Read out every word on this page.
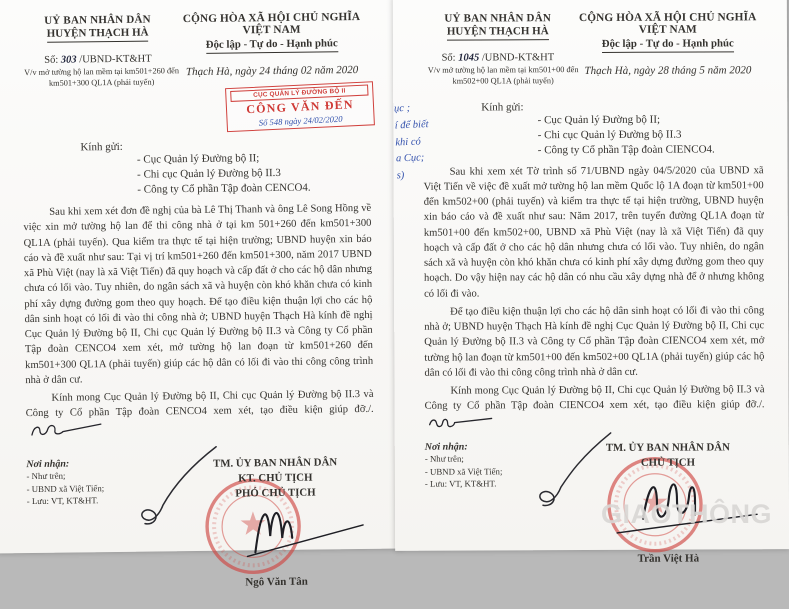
UỶ BAN NHÂN DÂN
HUYỆN THẠCH HÀ
Số: 303 /UBND-KT&HT
V/v mở tường hộ lan mềm tại km501+260 đến km501+300 QL1A (phải tuyến)
CỘNG HÒA XÃ HỘI CHỦ NGHĨA VIỆT NAM
Độc lập - Tự do - Hạnh phúc
Thạch Hà, ngày 24 tháng 02 năm 2020
CỤC QUẢN LÝ ĐƯỜNG BỘ II
CÔNG VĂN ĐẾN
Số 548 ngày 24/02/2020
Kính gửi:
- Cục Quản lý Đường bộ II;
- Chi cục Quản lý Đường bộ II.3
- Công ty Cổ phần Tập đoàn CENCO4.

Sau khi xem xét đơn đề nghị của bà Lê Thị Thanh và ông Lê Song Hồng về việc xin mở tường hộ lan để thi công nhà ở tại km 501+260 đến km501+300 QL1A (phải tuyến). Qua kiểm tra thực tế tại hiện trường; UBND huyện xin báo cáo và đề xuất như sau: Tại vị trí km501+260 đến km501+300, năm 2017 UBND xã Phù Việt (nay là xã Việt Tiến) đã quy hoạch và cấp đất ở cho các hộ dân nhưng chưa có lối vào. Tuy nhiên, do ngân sách xã và huyện còn khó khăn chưa có kinh phí xây dựng đường gom theo quy hoạch. Để tạo điều kiện thuận lợi cho các hộ dân sinh hoạt có lối đi vào thi công nhà ở; UBND huyện Thạch Hà kính đề nghị Cục Quản lý Đường bộ II, Chi cục Quản lý Đường bộ II.3 và Công ty Cổ phần Tập đoàn CENCO4 xem xét, mở tường hộ lan đoạn từ km501+260 đến km501+300 QL1A (phải tuyến) giúp các hộ dân có lối đi vào thi công công trình nhà ở dân cư.

Kính mong Cục Quản lý Đường bộ II, Chi cục Quản lý Đường bộ II.3 và Công ty Cổ phần Tập đoàn CENCO4 xem xét, tạo điều kiện giúp đỡ./.

Nơi nhận:
- Như trên;
- UBND xã Việt Tiến;
- Lưu: VT, KT&HT.
TM. ỦY BAN NHÂN DÂN
KT. CHỦ TỊCH
PHÓ CHỦ TỊCH
Ngô Văn Tân
UỶ BAN NHÂN DÂN
HUYỆN THẠCH HÀ
Số: 1045 /UBND-KT&HT
V/v mở tường hộ lan mềm tại km501+00 đến km502+00 QL1A (phải tuyến)
CỘNG HÒA XÃ HỘI CHỦ NGHĨA VIỆT NAM
Độc lập - Tự do - Hạnh phúc
Thạch Hà, ngày 28 tháng 5 năm 2020
ục ;
í để biết
khi có
a Cục;
s)
Kính gửi:
- Cục Quản lý Đường bộ II;
- Chi cục Quản lý Đường bộ II.3
- Công ty Cổ phần Tập đoàn CIENCO4.

Sau khi xem xét Tờ trình số 71/UBND ngày 04/5/2020 của UBND xã Việt Tiến về việc đề xuất mở tường hộ lan mềm Quốc lộ 1A đoạn từ km501+00 đến km502+00 (phải tuyến) và kiểm tra thực tế tại hiện trường, UBND huyện xin báo cáo và đề xuất như sau: Năm 2017, trên tuyến đường QL1A đoạn từ km501+00 đến km502+00, UBND xã Phù Việt (nay là xã Việt Tiến) đã quy hoạch và cấp đất ở cho các hộ dân nhưng chưa có lối vào. Tuy nhiên, do ngân sách xã và huyện còn khó khăn chưa có kinh phí xây dựng đường gom theo quy hoạch. Do vậy hiện nay các hộ dân có nhu cầu xây dựng nhà để ở nhưng không có lối đi vào.

Để tạo điều kiện thuận lợi cho các hộ dân sinh hoạt có lối đi vào thi công nhà ở; UBND huyện Thạch Hà kính đề nghị Cục Quản lý Đường bộ II, Chi cục Quản lý Đường bộ II.3 và Công ty Cổ phần Tập đoàn CIENCO4 xem xét, mở tường hộ lan đoạn từ km501+00 đến km502+00 QL1A (phải tuyến) giúp các hộ dân có lối đi vào thi công công trình nhà ở dân cư.

Kính mong Cục Quản lý Đường bộ II, Chi cục Quản lý Đường bộ II.3 và Công ty Cổ phần Tập đoàn CIENCO4 xem xét, tạo điều kiện giúp đỡ./.

Nơi nhận:
- Như trên;
- UBND xã Việt Tiến;
- Lưu: VT, KT&HT.
TM. ỦY BAN NHÂN DÂN
CHỦ TỊCH
Trần Việt Hà
GIAOTHÔNG
